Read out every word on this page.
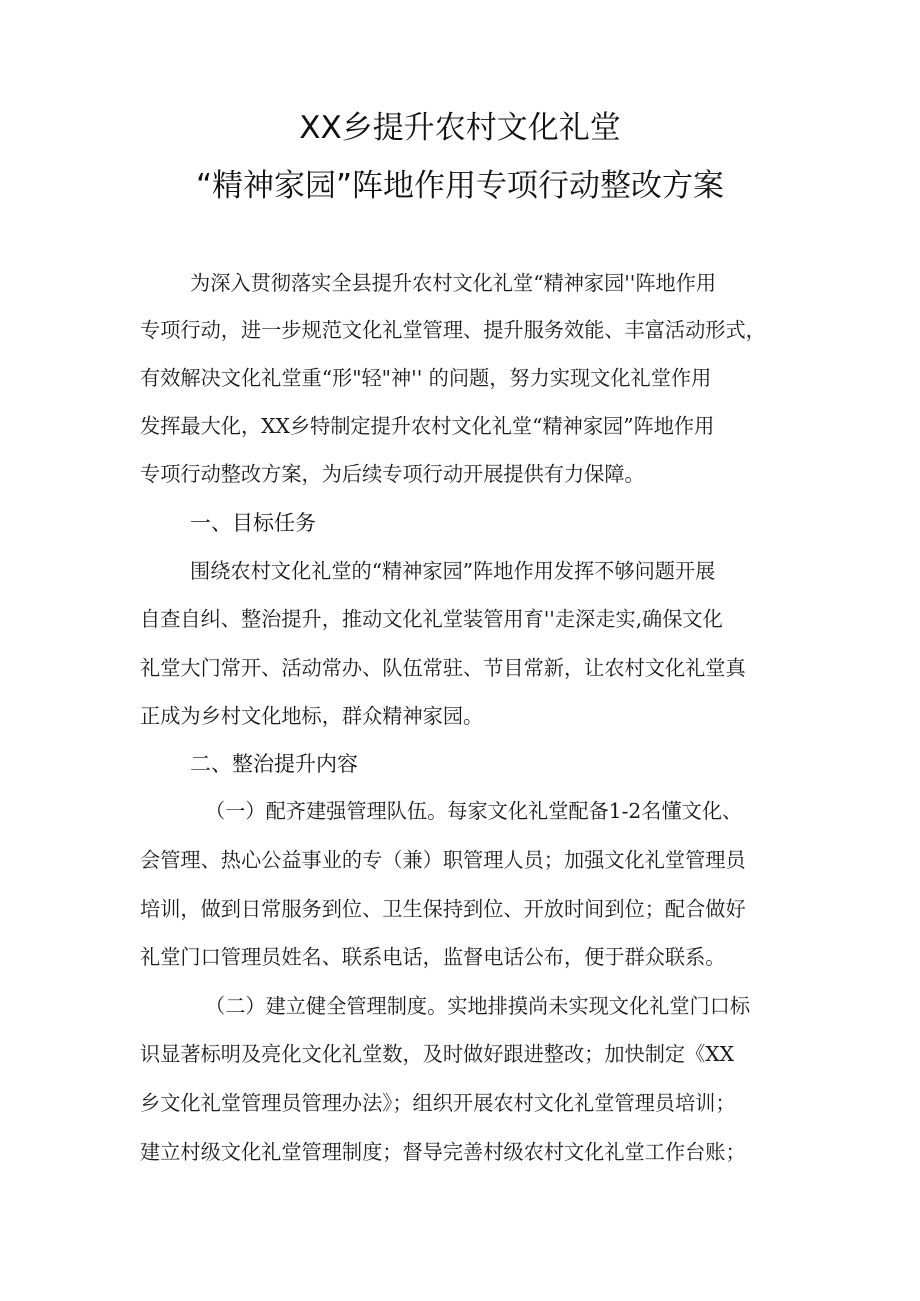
XX乡提升农村文化礼堂
“精神家园”阵地作用专项行动整改方案
为深入贯彻落实全县提升农村文化礼堂“精神家园''阵地作用
专项行动，进一步规范文化礼堂管理、提升服务效能、丰富活动形式，
有效解决文化礼堂重“形"轻"神'' 的问题，努力实现文化礼堂作用
发挥最大化，XX乡特制定提升农村文化礼堂“精神家园”阵地作用
专项行动整改方案，为后续专项行动开展提供有力保障。
一、目标任务
围绕农村文化礼堂的“精神家园”阵地作用发挥不够问题开展
自查自纠、整治提升，推动文化礼堂装管用育''走深走实,确保文化
礼堂大门常开、活动常办、队伍常驻、节目常新，让农村文化礼堂真
正成为乡村文化地标，群众精神家园。
二、整治提升内容
（一）配齐建强管理队伍。每家文化礼堂配备1-2名懂文化、
会管理、热心公益事业的专（兼）职管理人员；加强文化礼堂管理员
培训，做到日常服务到位、卫生保持到位、开放时间到位；配合做好
礼堂门口管理员姓名、联系电话，监督电话公布，便于群众联系。
（二）建立健全管理制度。实地排摸尚未实现文化礼堂门口标
识显著标明及亮化文化礼堂数，及时做好跟进整改；加快制定《XX
乡文化礼堂管理员管理办法》；组织开展农村文化礼堂管理员培训；
建立村级文化礼堂管理制度；督导完善村级农村文化礼堂工作台账；
